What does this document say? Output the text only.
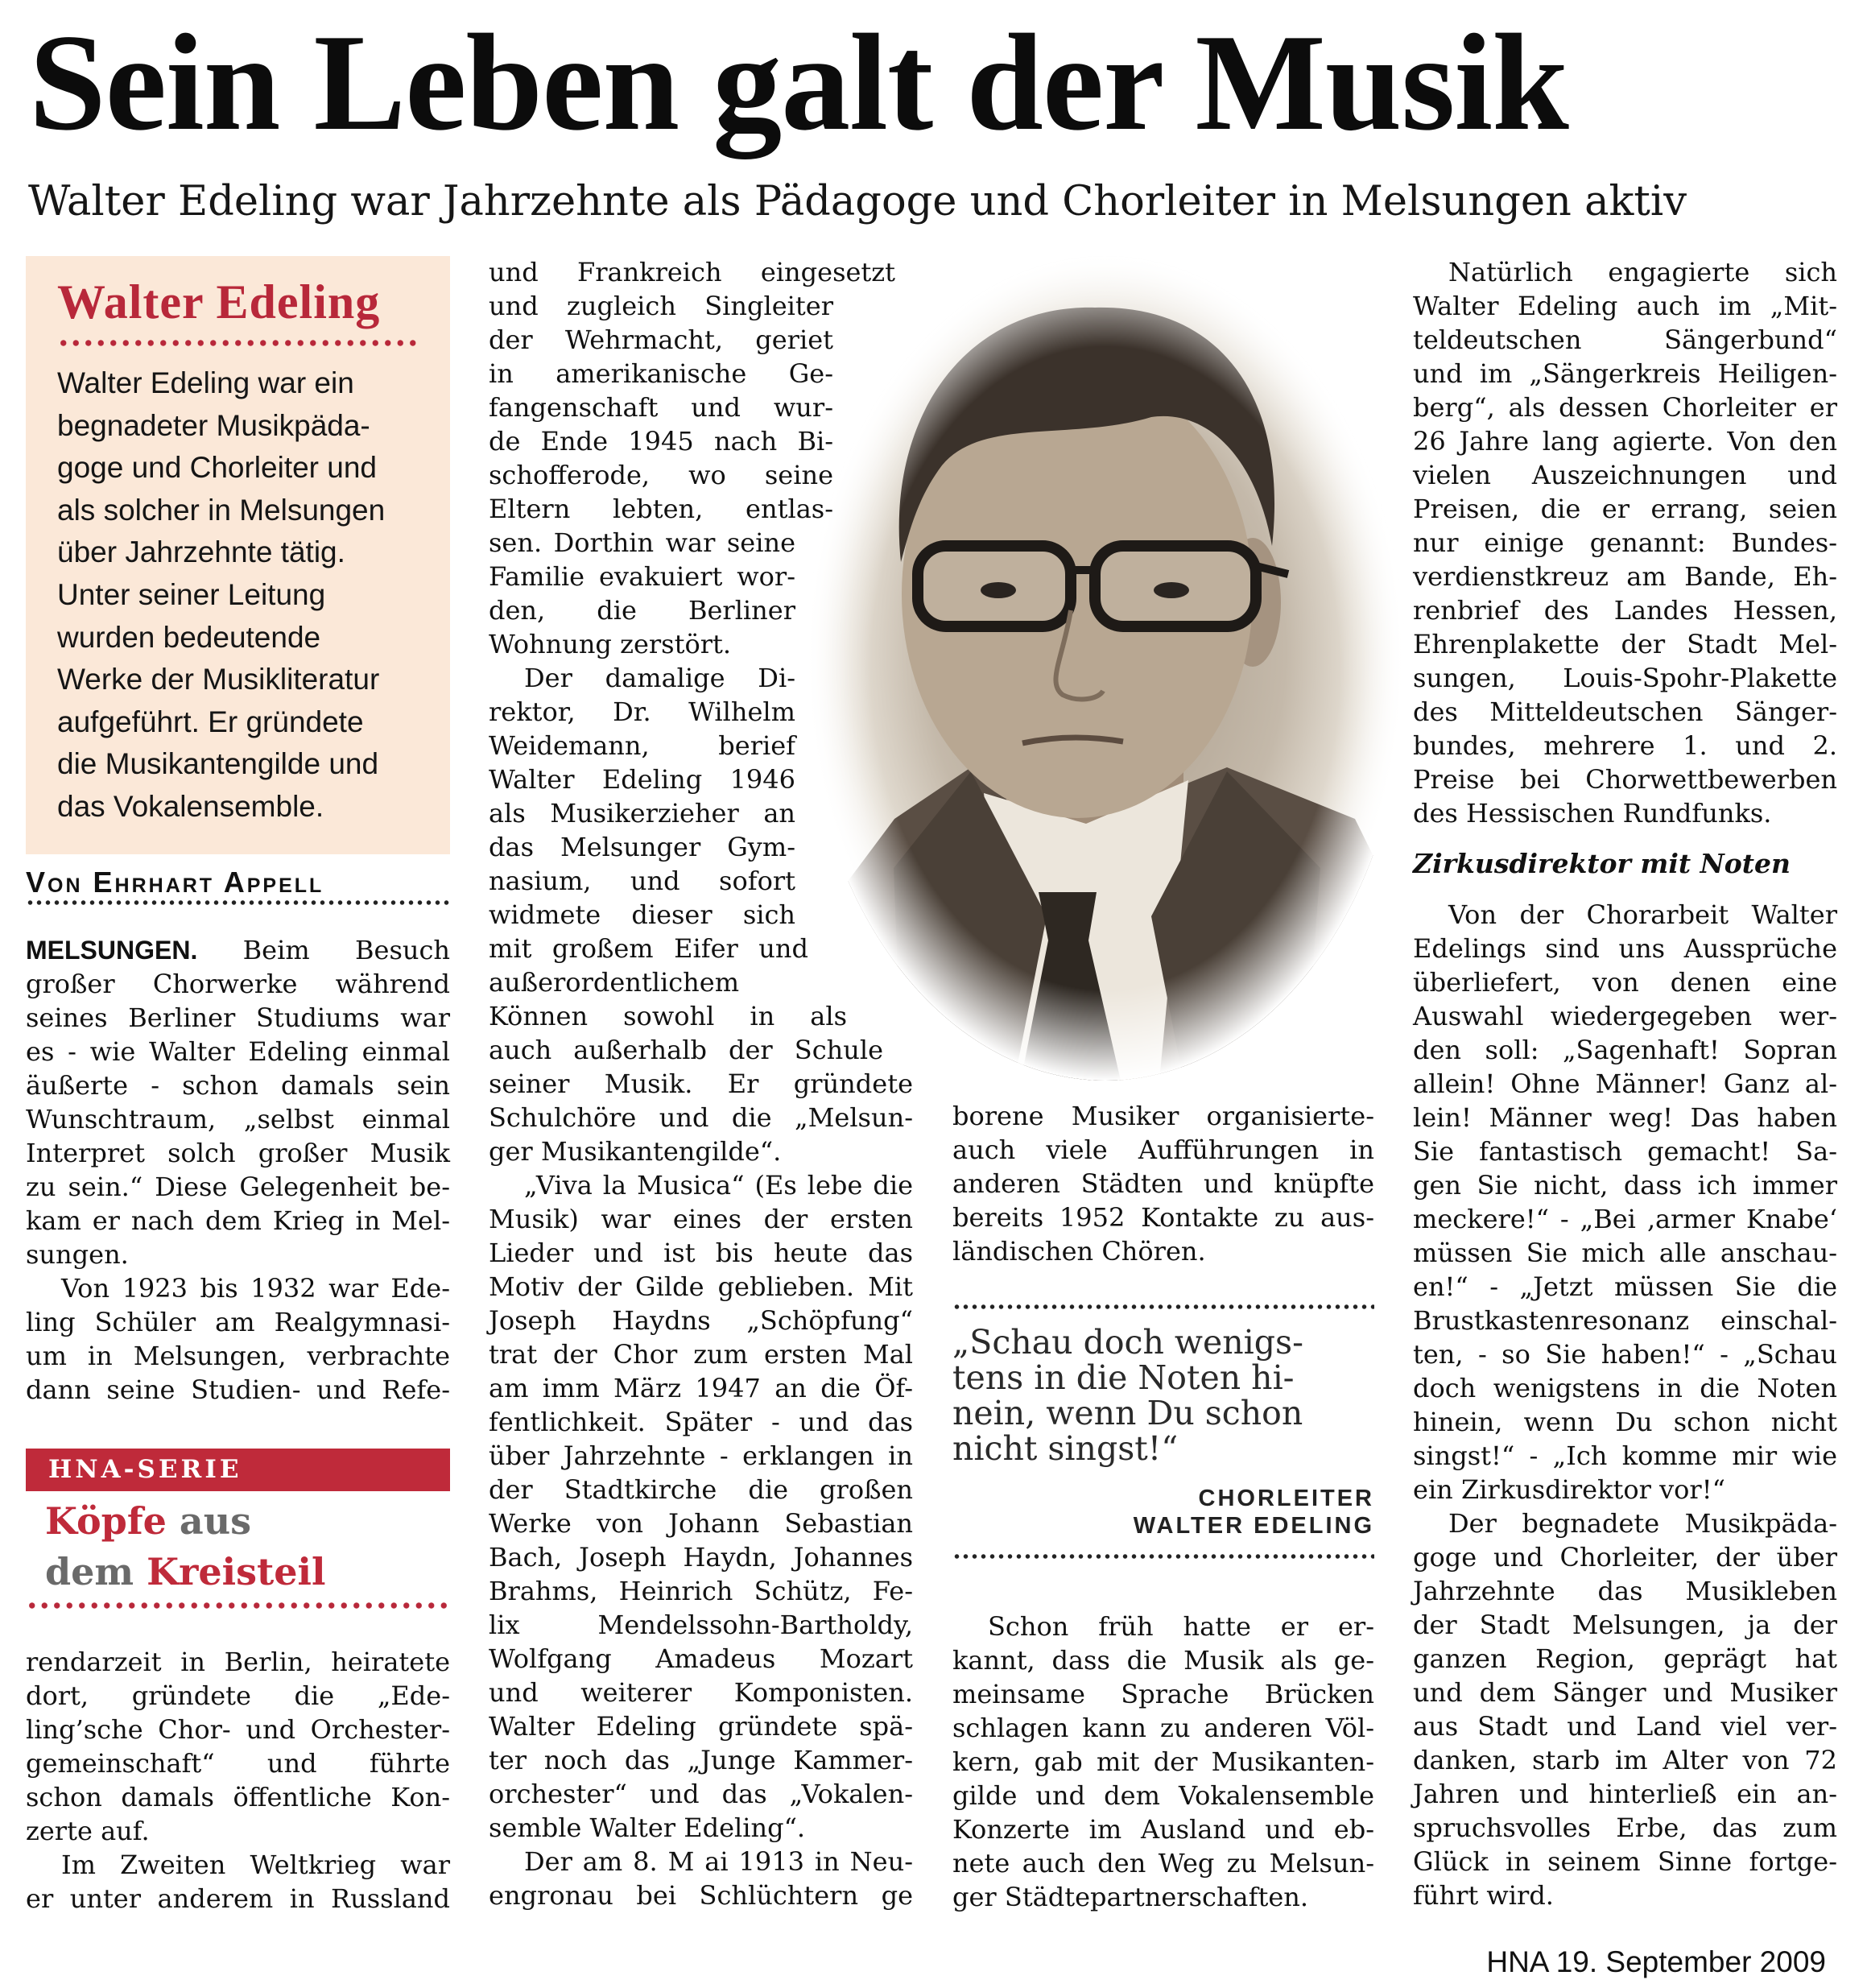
Sein Leben galt der Musik
Walter Edeling war Jahrzehnte als Pädagoge und Chorleiter in Melsungen aktiv
Walter Edeling
Walter Edeling war ein
begnadeter Musikpäda-
goge und Chorleiter und
als solcher in Melsungen
über Jahrzehnte tätig.
Unter seiner Leitung
wurden bedeutende
Werke der Musikliteratur
aufgeführt. Er gründete
die Musikantengilde und
das Vokalensemble.
Von Ehrhart Appell
MELSUNGEN. Beim Besuch
großer Chorwerke während
seines Berliner Studiums war
es - wie Walter Edeling einmal
äußerte - schon damals sein
Wunschtraum, „selbst einmal
Interpret solch großer Musik
zu sein.“ Diese Gelegenheit be-
kam er nach dem Krieg in Mel-
sungen.
Von 1923 bis 1932 war Ede-
ling Schüler am Realgymnasi-
um in Melsungen, verbrachte
dann seine Studien- und Refe-
HNA-SERIE
Köpfe aus
dem Kreisteil
rendarzeit in Berlin, heiratete
dort, gründete die „Ede-
ling’sche Chor- und Orchester-
gemeinschaft“ und führte
schon damals öffentliche Kon-
zerte auf.
Im Zweiten Weltkrieg war
er unter anderem in Russland
und Frankreich eingesetzt
und zugleich Singleiter
der Wehrmacht, geriet
in amerikanische Ge-
fangenschaft und wur-
de Ende 1945 nach Bi-
schofferode, wo seine
Eltern lebten, entlas-
sen. Dorthin war seine
Familie evakuiert wor-
den, die Berliner
Wohnung zerstört.
Der damalige Di-
rektor, Dr. Wilhelm
Weidemann, berief
Walter Edeling 1946
als Musikerzieher an
das Melsunger Gym-
nasium, und sofort
widmete dieser sich
mit großem Eifer und
außerordentlichem
Können sowohl in als
auch außerhalb der Schule
seiner Musik. Er gründete
Schulchöre und die „Melsun-
ger Musikantengilde“.
„Viva la Musica“ (Es lebe die
Musik) war eines der ersten
Lieder und ist bis heute das
Motiv der Gilde geblieben. Mit
Joseph Haydns „Schöpfung“
trat der Chor zum ersten Mal
am imm März 1947 an die Öf-
fentlichkeit. Später - und das
über Jahrzehnte - erklangen in
der Stadtkirche die großen
Werke von Johann Sebastian
Bach, Joseph Haydn, Johannes
Brahms, Heinrich Schütz, Fe-
lix Mendelssohn-Bartholdy,
Wolfgang Amadeus Mozart
und weiterer Komponisten.
Walter Edeling gründete spä-
ter noch das „Junge Kammer-
orchester“ und das „Vokalen-
semble Walter Edeling“.
Der am 8. M ai 1913 in Neu-
engronau bei Schlüchtern ge
borene Musiker organisierte-
auch viele Aufführungen in
anderen Städten und knüpfte
bereits 1952 Kontakte zu aus-
ländischen Chören.
„Schau doch wenigs-
tens in die Noten hi-
nein, wenn Du schon
nicht singst!“
CHORLEITER
WALTER EDELING
Schon früh hatte er er-
kannt, dass die Musik als ge-
meinsame Sprache Brücken
schlagen kann zu anderen Völ-
kern, gab mit der Musikanten-
gilde und dem Vokalensemble
Konzerte im Ausland und eb-
nete auch den Weg zu Melsun-
ger Städtepartnerschaften.
Natürlich engagierte sich
Walter Edeling auch im „Mit-
teldeutschen Sängerbund“
und im „Sängerkreis Heiligen-
berg“, als dessen Chorleiter er
26 Jahre lang agierte. Von den
vielen Auszeichnungen und
Preisen, die er errang, seien
nur einige genannt: Bundes-
verdienstkreuz am Bande, Eh-
renbrief des Landes Hessen,
Ehrenplakette der Stadt Mel-
sungen, Louis-Spohr-Plakette
des Mitteldeutschen Sänger-
bundes, mehrere 1. und 2.
Preise bei Chorwettbewerben
des Hessischen Rundfunks.
Zirkusdirektor mit Noten
Von der Chorarbeit Walter
Edelings sind uns Aussprüche
überliefert, von denen eine
Auswahl wiedergegeben wer-
den soll: „Sagenhaft! Sopran
allein! Ohne Männer! Ganz al-
lein! Männer weg! Das haben
Sie fantastisch gemacht! Sa-
gen Sie nicht, dass ich immer
meckere!“ - „Bei ‚armer Knabe‘
müssen Sie mich alle anschau-
en!“ - „Jetzt müssen Sie die
Brustkastenresonanz einschal-
ten, - so Sie haben!“ - „Schau
doch wenigstens in die Noten
hinein, wenn Du schon nicht
singst!“ - „Ich komme mir wie
ein Zirkusdirektor vor!“
Der begnadete Musikpäda-
goge und Chorleiter, der über
Jahrzehnte das Musikleben
der Stadt Melsungen, ja der
ganzen Region, geprägt hat
und dem Sänger und Musiker
aus Stadt und Land viel ver-
danken, starb im Alter von 72
Jahren und hinterließ ein an-
spruchsvolles Erbe, das zum
Glück in seinem Sinne fortge-
führt wird.
HNA 19. September 2009
